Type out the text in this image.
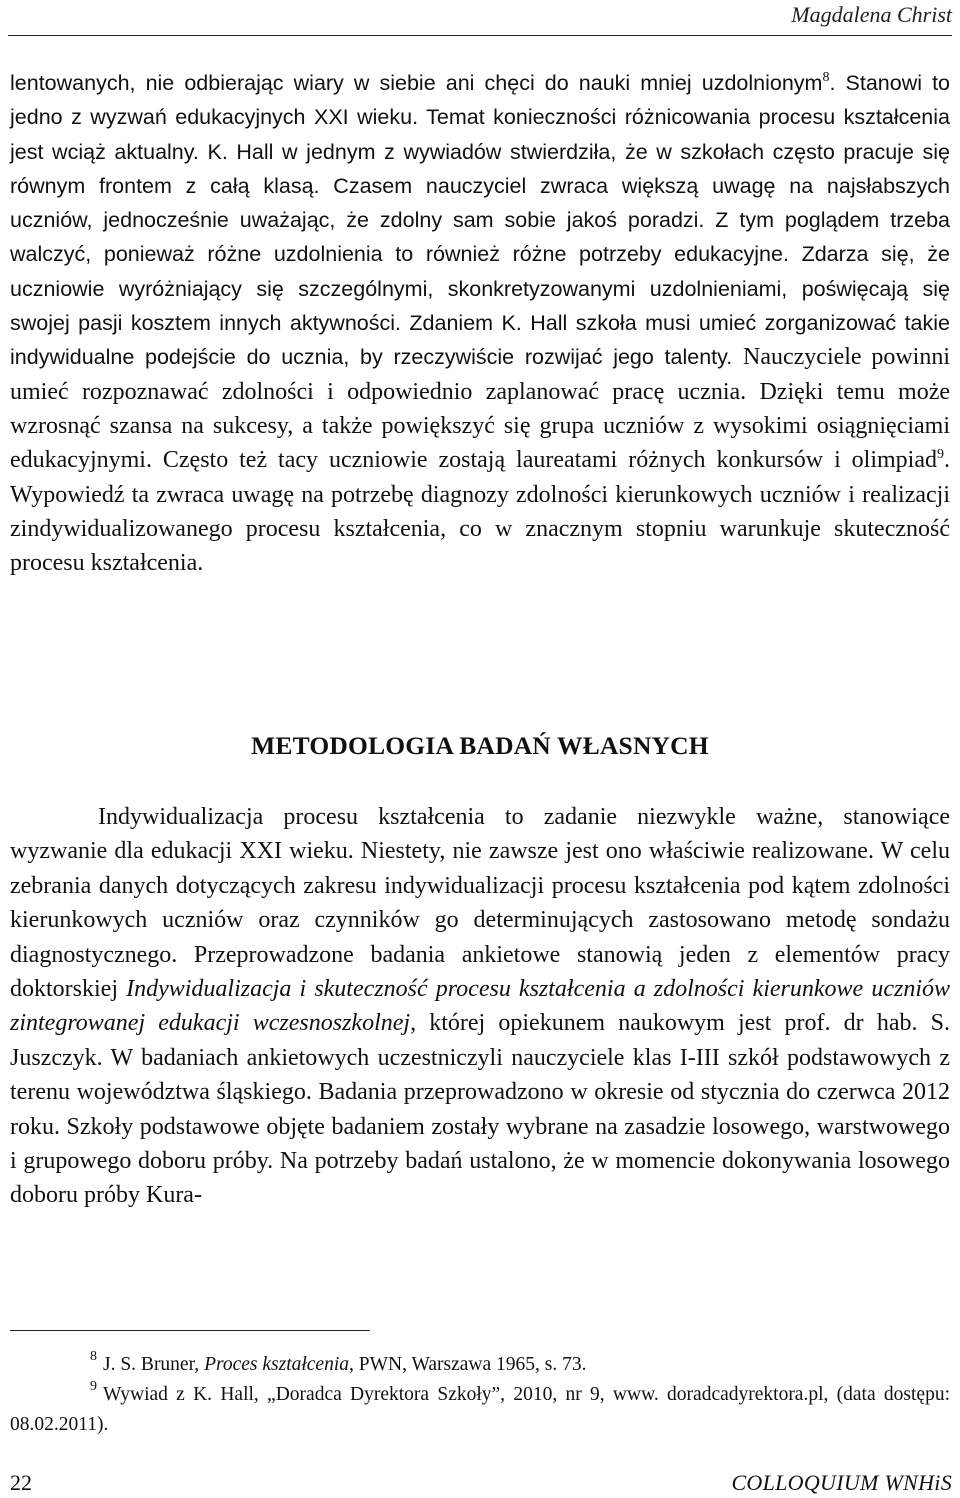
Magdalena Christ

lentowanych, nie odbierając wiary w siebie ani chęci do nauki mniej uzdolnionym$^8$. Stanowi to jedno z wyzwań edukacyjnych XXI wieku. Temat konieczności różnicowania procesu kształcenia jest wciąż aktualny. K. Hall w jednym z wywiadów stwierdziła, że w szkołach często pracuje się równym frontem z całą klasą. Czasem nauczyciel zwraca większą uwagę na najsłabszych uczniów, jednocześnie uważając, że zdolny sam sobie jakoś poradzi. Z tym poglądem trzeba walczyć, ponieważ różne uzdolnienia to również różne potrzeby edukacyjne. Zdarza się, że uczniowie wyróżniający się szczególnymi, skonkretyzowanymi uzdolnieniami, poświęcają się swojej pasji kosztem innych aktywności. Zdaniem K. Hall szkoła musi umieć zorganizować takie indywidualne podejście do ucznia, by rzeczywiście rozwijać jego talenty. Nauczyciele powinni umieć rozpoznawać zdolności i odpowiednio zaplanować pracę ucznia. Dzięki temu może wzrosnąć szansa na sukcesy, a także powiększyć się grupa uczniów z wysokimi osiągnięciami edukacyjnymi. Często też tacy uczniowie zostają laureatami różnych konkursów i olimpiad$^9$. Wypowiedź ta zwraca uwagę na potrzebę diagnozy zdolności kierunkowych uczniów i realizacji zindywidualizowanego procesu kształcenia, co w znacznym stopniu warunkuje skuteczność procesu kształcenia.

METODOLOGIA BADAŃ WŁASNYCH

Indywidualizacja procesu kształcenia to zadanie niezwykle ważne, stanowiące wyzwanie dla edukacji XXI wieku. Niestety, nie zawsze jest ono właściwie realizowane. W celu zebrania danych dotyczących zakresu indywidualizacji procesu kształcenia pod kątem zdolności kierunkowych uczniów oraz czynników go determinujących zastosowano metodę sondażu diagnostycznego. Przeprowadzone badania ankietowe stanowią jeden z elementów pracy doktorskiej Indywidualizacja i skuteczność procesu kształcenia a zdolności kierunkowe uczniów zintegrowanej edukacji wczesnoszkolnej, której opiekunem naukowym jest prof. dr hab. S. Juszczyk. W badaniach ankietowych uczestniczyli nauczyciele klas I-III szkół podstawowych z terenu województwa śląskiego. Badania przeprowadzono w okresie od stycznia do czerwca 2012 roku. Szkoły podstawowe objęte badaniem zostały wybrane na zasadzie losowego, warstwowego i grupowego doboru próby. Na potrzeby badań ustalono, że w momencie dokonywania losowego doboru próby Kura-

$^8$ J. S. Bruner, Proces kształcenia, PWN, Warszawa 1965, s. 73.

$^9$ Wywiad z K. Hall, „Doradca Dyrektora Szkoły”, 2010, nr 9, www. doradcadyrektora.pl, (data dostępu: 08.02.2011).

22	COLLOQUIUM WNHiS
